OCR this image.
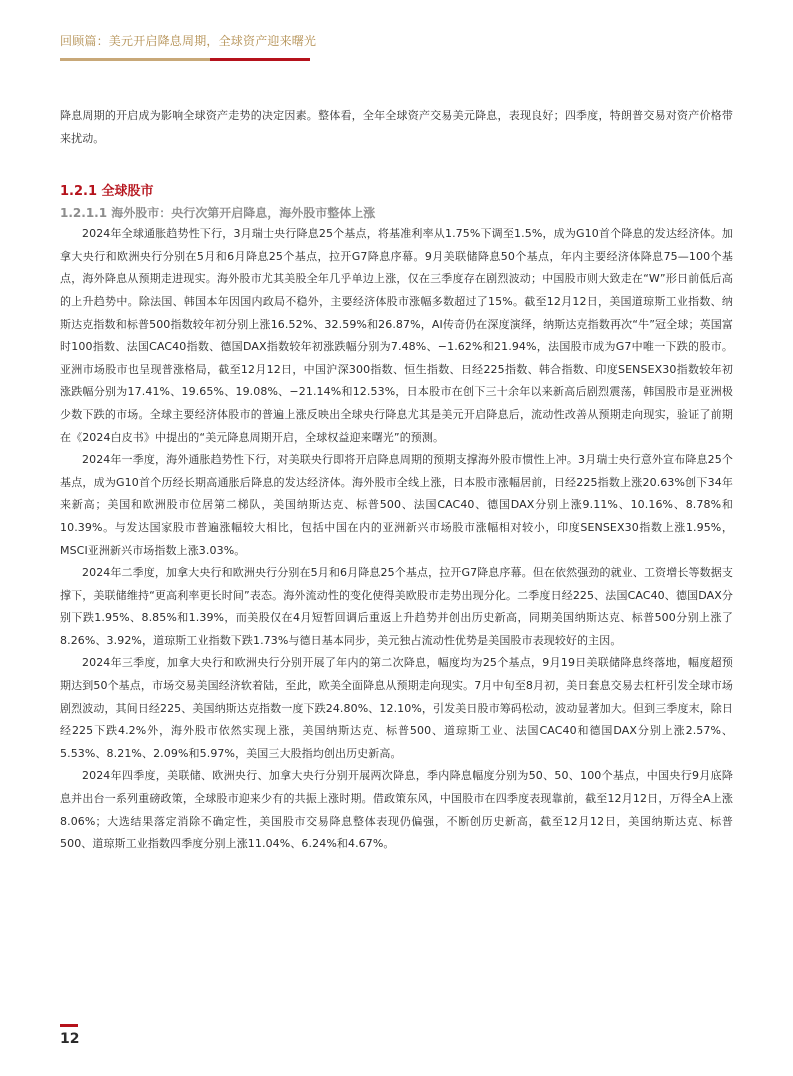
回顾篇：美元开启降息周期，全球资产迎来曙光

降息周期的开启成为影响全球资产走势的决定因素。整体看，全年全球资产交易美元降息，表现良好；四季度，特朗普交易对资产价格带来扰动。

1.2.1 全球股市
1.2.1.1 海外股市：央行次第开启降息，海外股市整体上涨

2024年全球通胀趋势性下行，3月瑞士央行降息25个基点，将基准利率从1.75%下调至1.5%，成为G10首个降息的发达经济体。加拿大央行和欧洲央行分别在5月和6月降息25个基点，拉开G7降息序幕。9月美联储降息50个基点，年内主要经济体降息75—100个基点，海外降息从预期走进现实。海外股市尤其美股全年几乎单边上涨，仅在三季度存在剧烈波动；中国股市则大致走在“W”形日前低后高的上升趋势中。除法国、韩国本年因国内政局不稳外，主要经济体股市涨幅多数超过了15%。截至12月12日，美国道琼斯工业指数、纳斯达克指数和标普500指数较年初分别上涨16.52%、32.59%和26.87%，AI传奇仍在深度演绎，纳斯达克指数再次“牛”冠全球；英国富时100指数、法国CAC40指数、德国DAX指数较年初涨跌幅分别为7.48%、−1.62%和21.94%，法国股市成为G7中唯一下跌的股市。亚洲市场股市也呈现普涨格局，截至12月12日，中国沪深300指数、恒生指数、日经225指数、韩合指数、印度SENSEX30指数较年初涨跌幅分别为17.41%、19.65%、19.08%、−21.14%和12.53%，日本股市在创下三十余年以来新高后剧烈震荡，韩国股市是亚洲极少数下跌的市场。全球主要经济体股市的普遍上涨反映出全球央行降息尤其是美元开启降息后，流动性改善从预期走向现实，验证了前期在《2024白皮书》中提出的“美元降息周期开启，全球权益迎来曙光”的预测。

2024年一季度，海外通胀趋势性下行，对美联央行即将开启降息周期的预期支撑海外股市惯性上冲。3月瑞士央行意外宣布降息25个基点，成为G10首个历经长期高通胀后降息的发达经济体。海外股市全线上涨，日本股市涨幅居前，日经225指数上涨20.63%创下34年来新高；美国和欧洲股市位居第二梯队，美国纳斯达克、标普500、法国CAC40、德国DAX分别上涨9.11%、10.16%、8.78%和10.39%。与发达国家股市普遍涨幅较大相比，包括中国在内的亚洲新兴市场股市涨幅相对较小，印度SENSEX30指数上涨1.95%，MSCI亚洲新兴市场指数上涨3.03%。

2024年二季度，加拿大央行和欧洲央行分别在5月和6月降息25个基点，拉开G7降息序幕。但在依然强劲的就业、工资增长等数据支撑下，美联储维持“更高利率更长时间”表态。海外流动性的变化使得美欧股市走势出现分化。二季度日经225、法国CAC40、德国DAX分别下跌1.95%、8.85%和1.39%，而美股仅在4月短暂回调后重返上升趋势并创出历史新高，同期美国纳斯达克、标普500分别上涨了8.26%、3.92%，道琼斯工业指数下跌1.73%与德日基本同步，美元独占流动性优势是美国股市表现较好的主因。

2024年三季度，加拿大央行和欧洲央行分别开展了年内的第二次降息，幅度均为25个基点，9月19日美联储降息终落地，幅度超预期达到50个基点，市场交易美国经济软着陆，至此，欧美全面降息从预期走向现实。7月中旬至8月初，美日套息交易去杠杆引发全球市场剧烈波动，其间日经225、美国纳斯达克指数一度下跌24.80%、12.10%，引发美日股市筹码松动，波动显著加大。但到三季度末，除日经225下跌4.2%外，海外股市依然实现上涨，美国纳斯达克、标普500、道琼斯工业、法国CAC40和德国DAX分别上涨2.57%、5.53%、8.21%、2.09%和5.97%，美国三大股指均创出历史新高。

2024年四季度，美联储、欧洲央行、加拿大央行分别开展两次降息，季内降息幅度分别为50、50、100个基点，中国央行9月底降息并出台一系列重磅政策，全球股市迎来少有的共振上涨时期。借政策东风，中国股市在四季度表现靠前，截至12月12日，万得全A上涨8.06%；大选结果落定消除不确定性，美国股市交易降息整体表现仍偏强，不断创历史新高，截至12月12日，美国纳斯达克、标普500、道琼斯工业指数四季度分别上涨11.04%、6.24%和4.67%。

12
